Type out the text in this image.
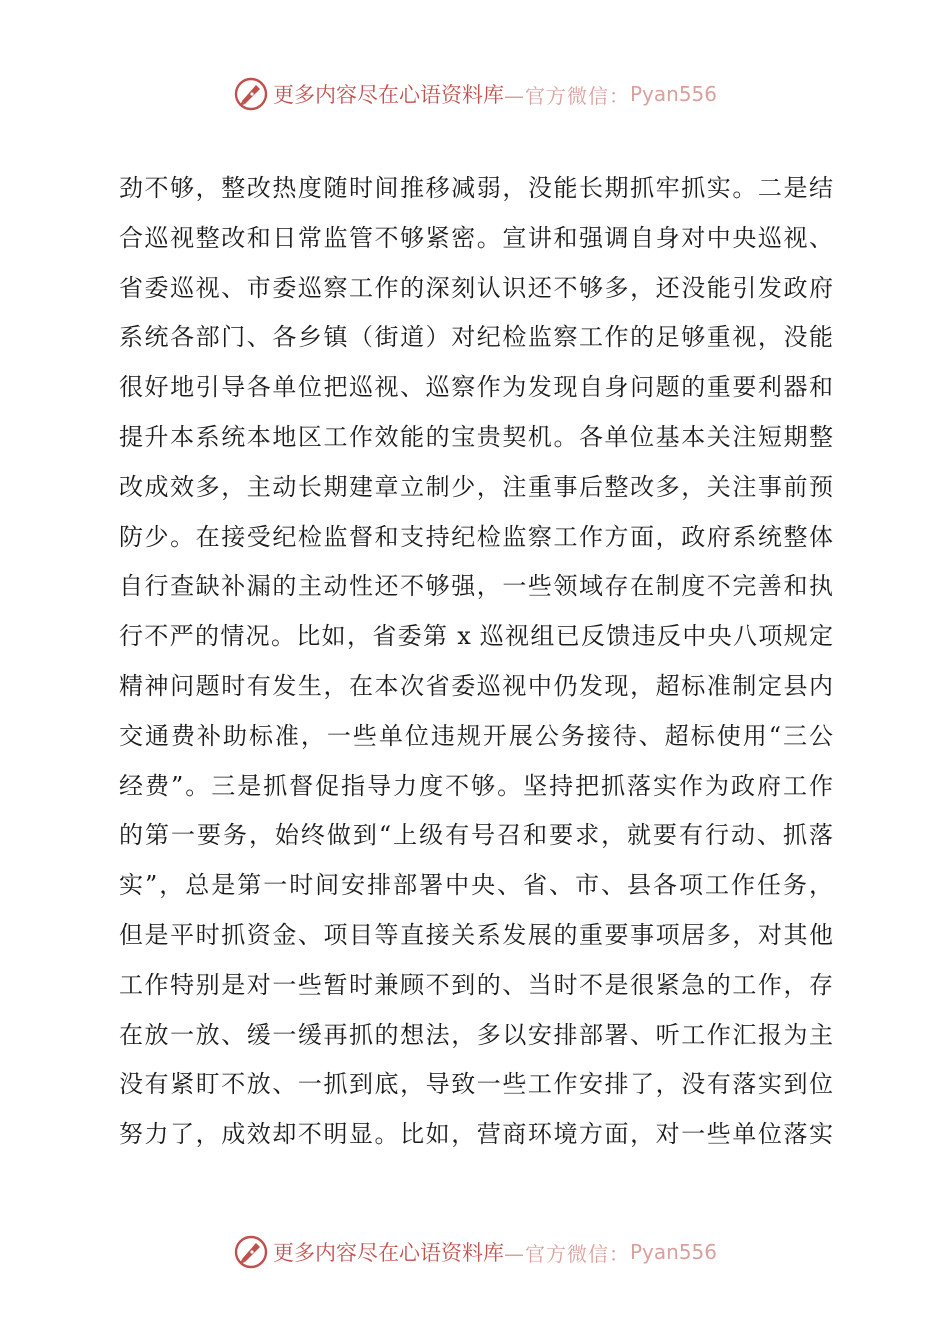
更多内容尽在心语资料库 —官方微信： Pyan556
劲不够，整改热度随时间推移减弱，没能长期抓牢抓实。二是结
合巡视整改和日常监管不够紧密。宣讲和强调自身对中央巡视、
省委巡视、市委巡察工作的深刻认识还不够多，还没能引发政府
系统各部门、各乡镇（街道）对纪检监察工作的足够重视，没能
很好地引导各单位把巡视、巡察作为发现自身问题的重要利器和
提升本系统本地区工作效能的宝贵契机。各单位基本关注短期整
改成效多，主动长期建章立制少，注重事后整改多，关注事前预
防少。在接受纪检监督和支持纪检监察工作方面，政府系统整体
自行查缺补漏的主动性还不够强，一些领域存在制度不完善和执
行不严的情况。比如，省委第 x 巡视组已反馈违反中央八项规定
精神问题时有发生，在本次省委巡视中仍发现，超标准制定县内
交通费补助标准，一些单位违规开展公务接待、超标使用“三公
经费”。三是抓督促指导力度不够。坚持把抓落实作为政府工作
的第一要务，始终做到“上级有号召和要求，就要有行动、抓落
实”，总是第一时间安排部署中央、省、市、县各项工作任务，
但是平时抓资金、项目等直接关系发展的重要事项居多，对其他
工作特别是对一些暂时兼顾不到的、当时不是很紧急的工作，存
在放一放、缓一缓再抓的想法，多以安排部署、听工作汇报为主
没有紧盯不放、一抓到底，导致一些工作安排了，没有落实到位
努力了，成效却不明显。比如，营商环境方面，对一些单位落实
更多内容尽在心语资料库 —官方微信： Pyan556
